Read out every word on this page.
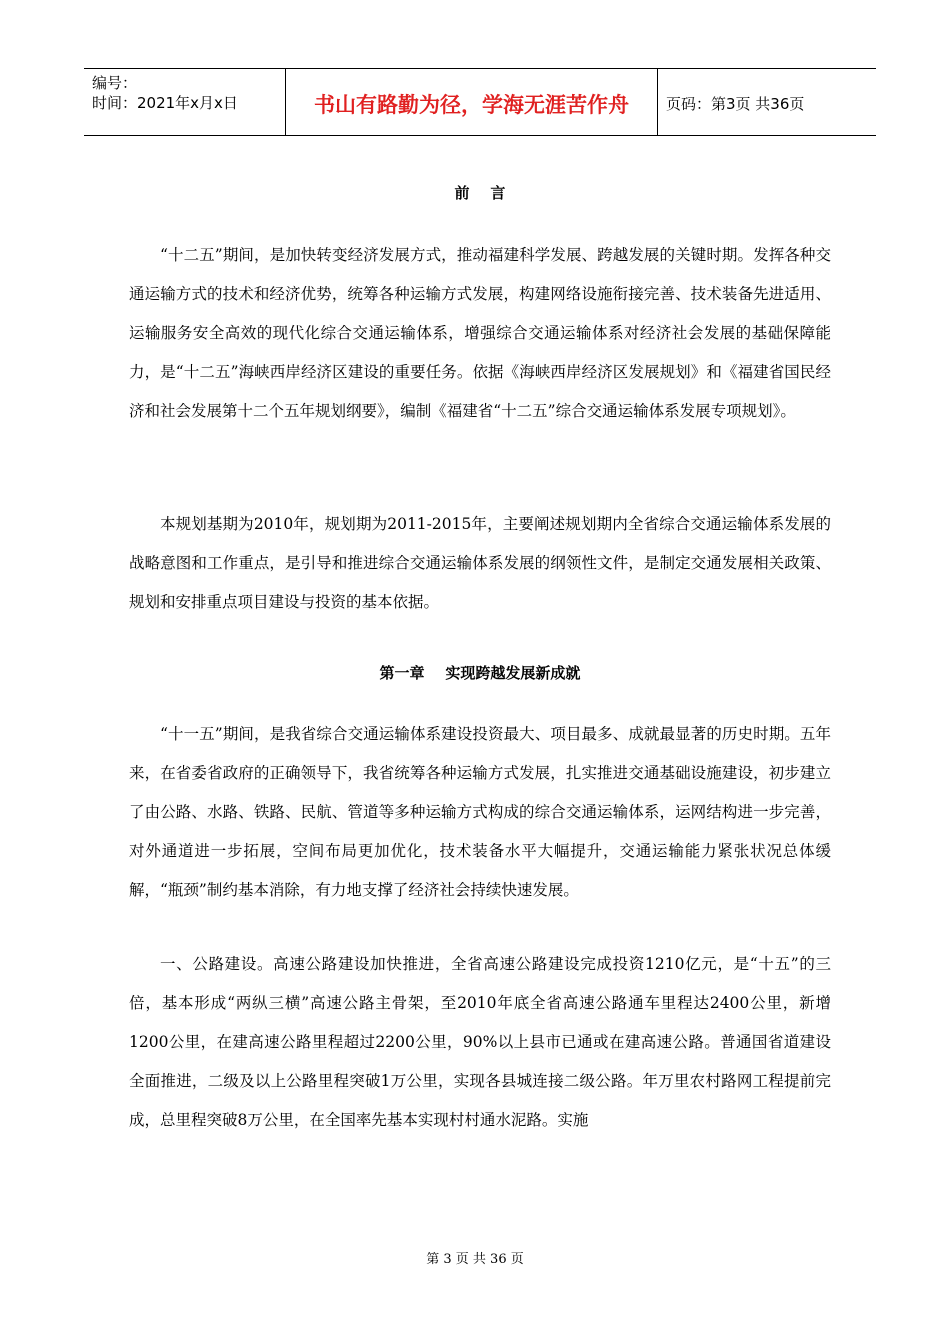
编号：
时间：2021年x月x日	书山有路勤为径，学海无涯苦作舟	页码：第3页 共36页
前    言

“十二五”期间，是加快转变经济发展方式，推动福建科学发展、跨越发展的关键时期。发挥各种交通运输方式的技术和经济优势，统筹各种运输方式发展，构建网络设施衔接完善、技术装备先进适用、运输服务安全高效的现代化综合交通运输体系，增强综合交通运输体系对经济社会发展的基础保障能力，是“十二五”海峡西岸经济区建设的重要任务。依据《海峡西岸经济区发展规划》和《福建省国民经济和社会发展第十二个五年规划纲要》，编制《福建省“十二五”综合交通运输体系发展专项规划》。

本规划基期为2010年，规划期为2011-2015年，主要阐述规划期内全省综合交通运输体系发展的战略意图和工作重点，是引导和推进综合交通运输体系发展的纲领性文件，是制定交通发展相关政策、规划和安排重点项目建设与投资的基本依据。

第一章    实现跨越发展新成就

“十一五”期间，是我省综合交通运输体系建设投资最大、项目最多、成就最显著的历史时期。五年来，在省委省政府的正确领导下，我省统筹各种运输方式发展，扎实推进交通基础设施建设，初步建立了由公路、水路、铁路、民航、管道等多种运输方式构成的综合交通运输体系，运网结构进一步完善，对外通道进一步拓展，空间布局更加优化，技术装备水平大幅提升，交通运输能力紧张状况总体缓解，“瓶颈”制约基本消除，有力地支撑了经济社会持续快速发展。

一、公路建设。高速公路建设加快推进，全省高速公路建设完成投资1210亿元，是“十五”的三倍，基本形成“两纵三横”高速公路主骨架，至2010年底全省高速公路通车里程达2400公里，新增1200公里，在建高速公路里程超过2200公里，90%以上县市已通或在建高速公路。普通国省道建设全面推进，二级及以上公路里程突破1万公里，实现各县城连接二级公路。年万里农村路网工程提前完成，总里程突破8万公里，在全国率先基本实现村村通水泥路。实施

第 3 页 共 36 页
